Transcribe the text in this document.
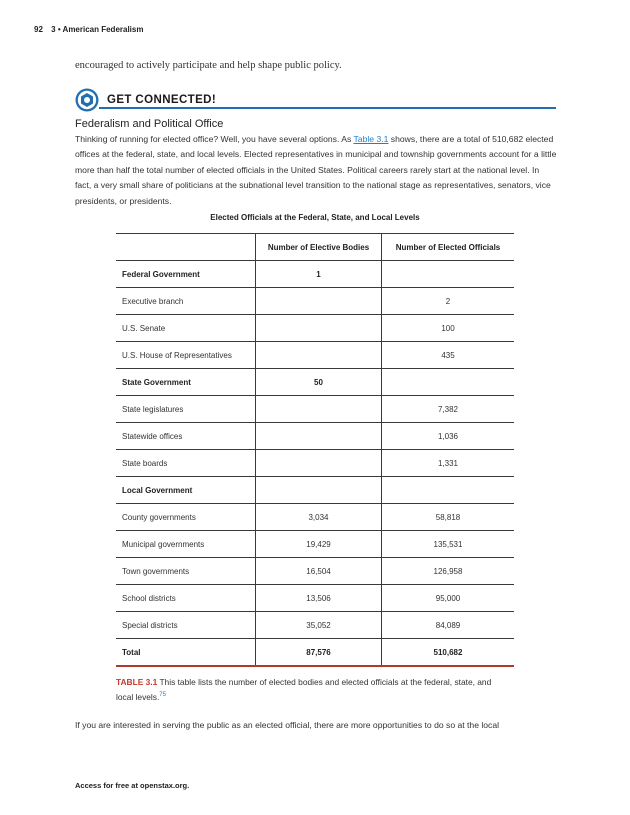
92 3 • American Federalism
encouraged to actively participate and help shape public policy.
GET CONNECTED!
Federalism and Political Office
Thinking of running for elected office? Well, you have several options. As Table 3.1 shows, there are a total of 510,682 elected offices at the federal, state, and local levels. Elected representatives in municipal and township governments account for a little more than half the total number of elected officials in the United States. Political careers rarely start at the national level. In fact, a very small share of politicians at the subnational level transition to the national stage as representatives, senators, vice presidents, or presidents.
Elected Officials at the Federal, State, and Local Levels
	Number of Elective Bodies	Number of Elected Officials
Federal Government	1	
Executive branch		2
U.S. Senate		100
U.S. House of Representatives		435
State Government	50	
State legislatures		7,382
Statewide offices		1,036
State boards		1,331
Local Government		
County governments	3,034	58,818
Municipal governments	19,429	135,531
Town governments	16,504	126,958
School districts	13,506	95,000
Special districts	35,052	84,089
Total	87,576	510,682
TABLE 3.1 This table lists the number of elected bodies and elected officials at the federal, state, and local levels.$^{75}$
If you are interested in serving the public as an elected official, there are more opportunities to do so at the local
Access for free at openstax.org.
